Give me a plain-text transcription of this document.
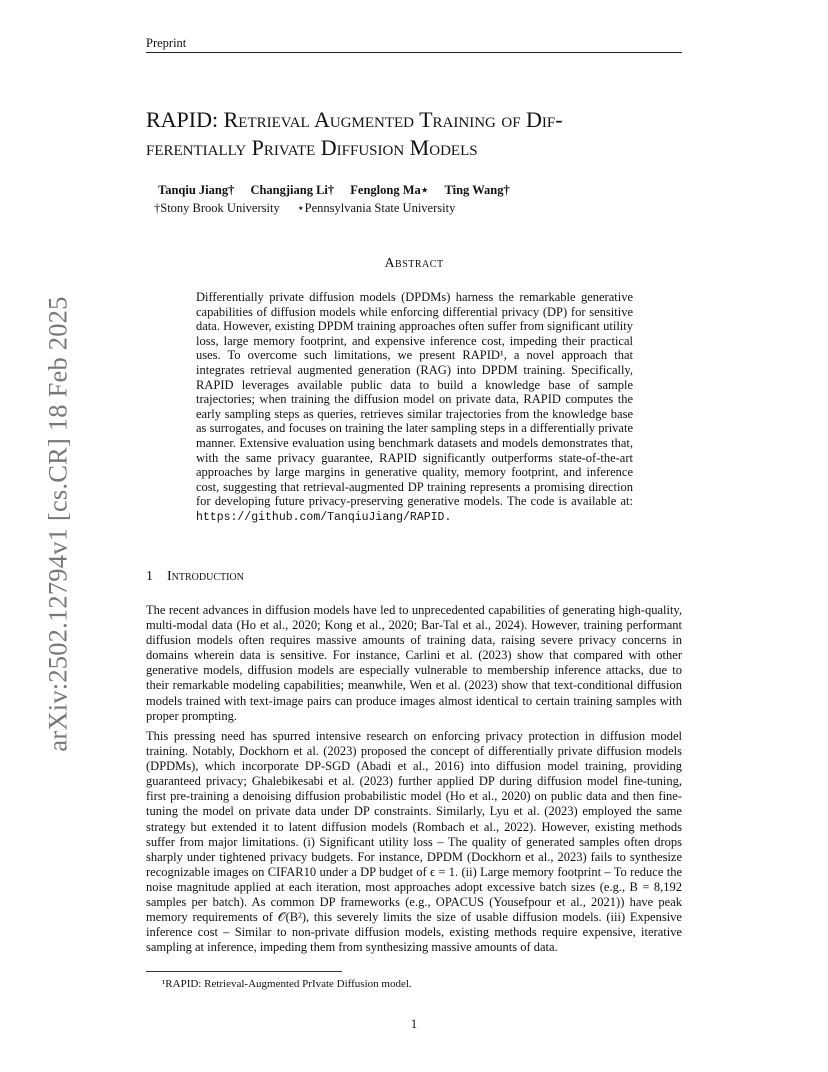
Preprint
arXiv:2502.12794v1 [cs.CR] 18 Feb 2025
RAPID: Retrieval Augmented Training of Dif-
ferentially Private Diffusion Models
Tanqiu Jiang† Changjiang Li† Fenglong Ma⋆ Ting Wang†
†Stony Brook University ⋆Pennsylvania State University
Abstract
Differentially private diffusion models (DPDMs) harness the remarkable generative capabilities of diffusion models while enforcing differential privacy (DP) for sensitive data. However, existing DPDM training approaches often suffer from significant utility loss, large memory footprint, and expensive inference cost, impeding their practical uses. To overcome such limitations, we present RAPID¹, a novel approach that integrates retrieval augmented generation (RAG) into DPDM training. Specifically, RAPID leverages available public data to build a knowledge base of sample trajectories; when training the diffusion model on private data, RAPID computes the early sampling steps as queries, retrieves similar trajectories from the knowledge base as surrogates, and focuses on training the later sampling steps in a differentially private manner. Extensive evaluation using benchmark datasets and models demonstrates that, with the same privacy guarantee, RAPID significantly outperforms state-of-the-art approaches by large margins in generative quality, memory footprint, and inference cost, suggesting that retrieval-augmented DP training represents a promising direction for developing future privacy-preserving generative models. The code is available at: https://github.com/TanqiuJiang/RAPID.
1 Introduction
The recent advances in diffusion models have led to unprecedented capabilities of generating high-quality, multi-modal data (Ho et al., 2020; Kong et al., 2020; Bar-Tal et al., 2024). However, training performant diffusion models often requires massive amounts of training data, raising severe privacy concerns in domains wherein data is sensitive. For instance, Carlini et al. (2023) show that compared with other generative models, diffusion models are especially vulnerable to membership inference attacks, due to their remarkable modeling capabilities; meanwhile, Wen et al. (2023) show that text-conditional diffusion models trained with text-image pairs can produce images almost identical to certain training samples with proper prompting.
This pressing need has spurred intensive research on enforcing privacy protection in diffusion model training. Notably, Dockhorn et al. (2023) proposed the concept of differentially private diffusion models (DPDMs), which incorporate DP-SGD (Abadi et al., 2016) into diffusion model training, providing guaranteed privacy; Ghalebikesabi et al. (2023) further applied DP during diffusion model fine-tuning, first pre-training a denoising diffusion probabilistic model (Ho et al., 2020) on public data and then fine-tuning the model on private data under DP constraints. Similarly, Lyu et al. (2023) employed the same strategy but extended it to latent diffusion models (Rombach et al., 2022). However, existing methods suffer from major limitations. (i) Significant utility loss – The quality of generated samples often drops sharply under tightened privacy budgets. For instance, DPDM (Dockhorn et al., 2023) fails to synthesize recognizable images on CIFAR10 under a DP budget of ϵ = 1. (ii) Large memory footprint – To reduce the noise magnitude applied at each iteration, most approaches adopt excessive batch sizes (e.g., B = 8,192 samples per batch). As common DP frameworks (e.g., OPACUS (Yousefpour et al., 2021)) have peak memory requirements of 𝒪(B²), this severely limits the size of usable diffusion models. (iii) Expensive inference cost – Similar to non-private diffusion models, existing methods require expensive, iterative sampling at inference, impeding them from synthesizing massive amounts of data.
¹RAPID: Retrieval-Augmented PrIvate Diffusion model.
1
